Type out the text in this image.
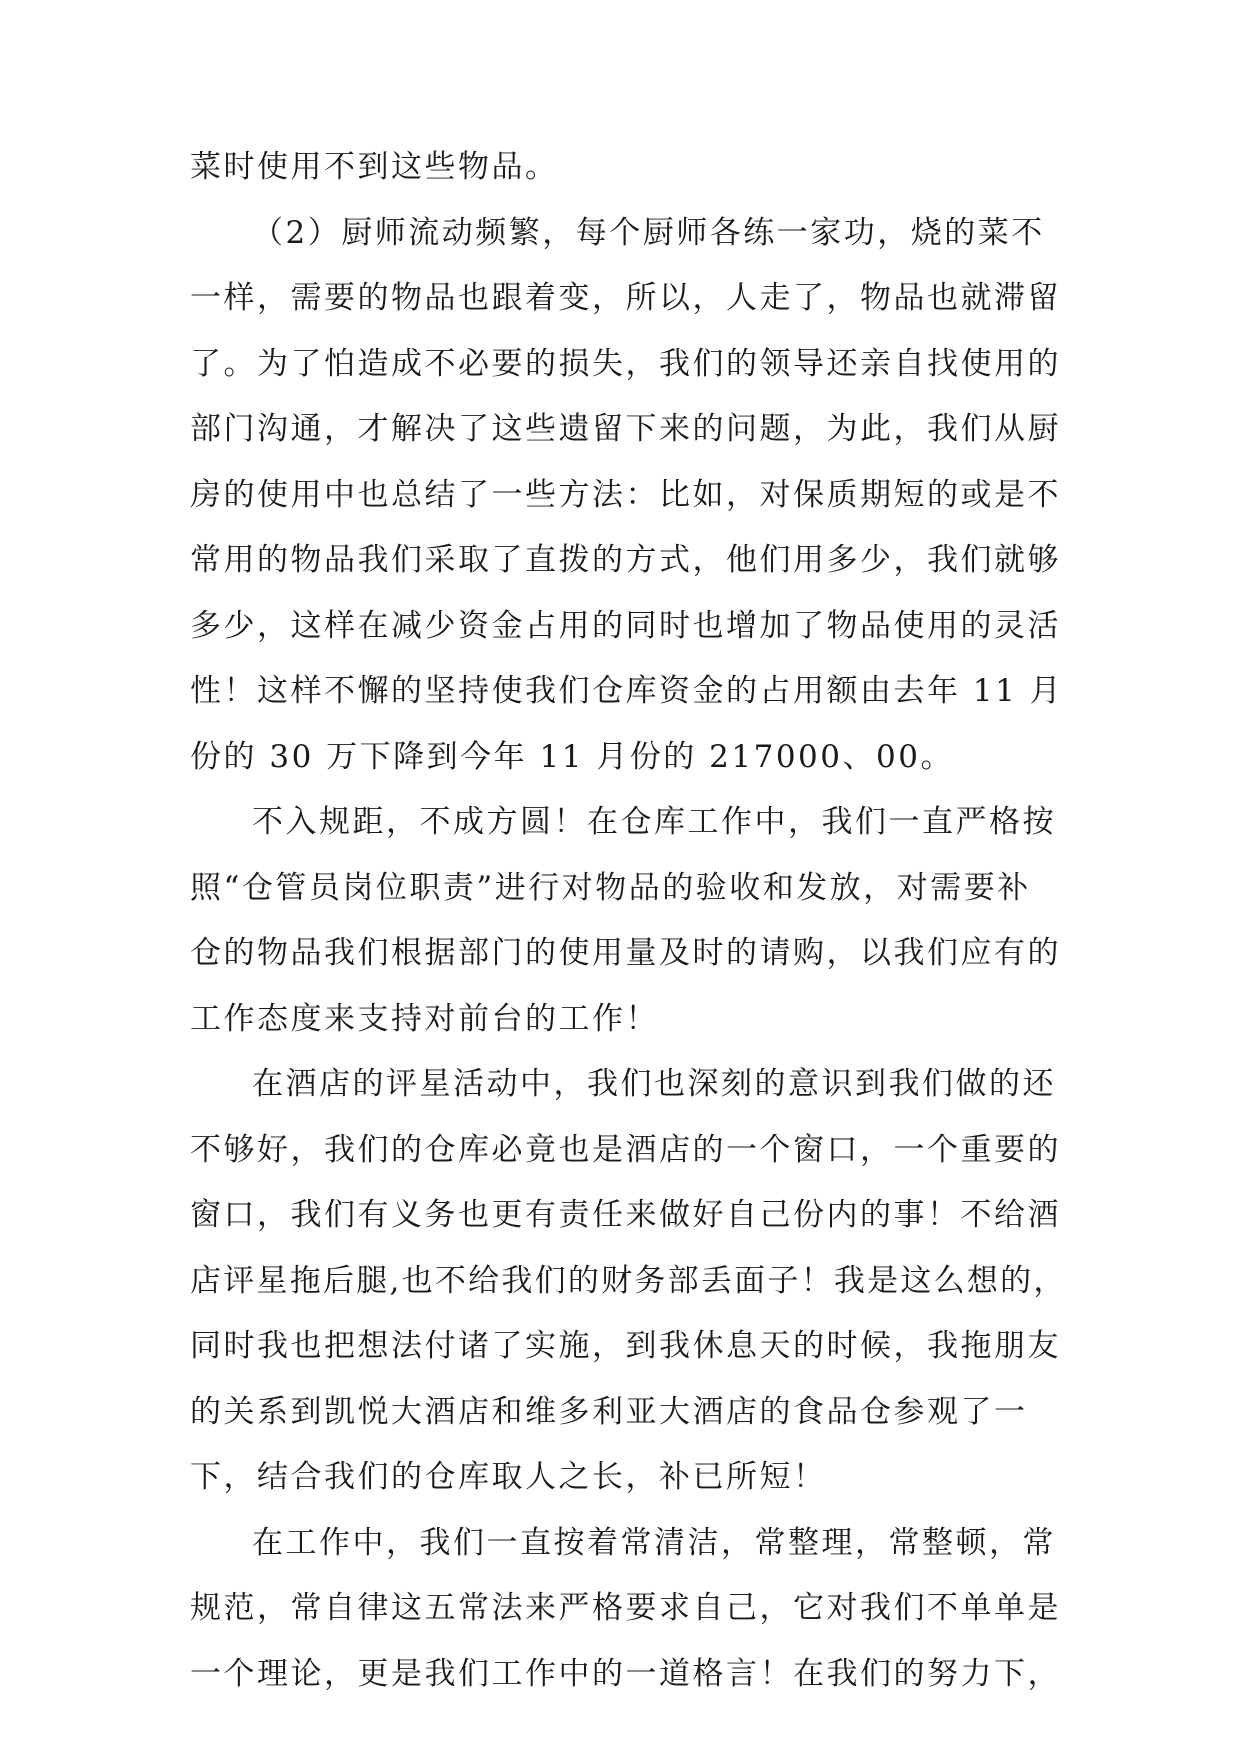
菜时使用不到这些物品。
（2）厨师流动频繁，每个厨师各练一家功，烧的菜不
一样，需要的物品也跟着变，所以，人走了，物品也就滞留
了。为了怕造成不必要的损失，我们的领导还亲自找使用的
部门沟通，才解决了这些遗留下来的问题，为此，我们从厨
房的使用中也总结了一些方法：比如，对保质期短的或是不
常用的物品我们采取了直拨的方式，他们用多少，我们就够
多少，这样在减少资金占用的同时也增加了物品使用的灵活
性！这样不懈的坚持使我们仓库资金的占用额由去年 11 月
份的 30 万下降到今年 11 月份的 217000、00。
不入规距，不成方圆！在仓库工作中，我们一直严格按
照“仓管员岗位职责”进行对物品的验收和发放，对需要补
仓的物品我们根据部门的使用量及时的请购，以我们应有的
工作态度来支持对前台的工作！
在酒店的评星活动中，我们也深刻的意识到我们做的还
不够好，我们的仓库必竟也是酒店的一个窗口，一个重要的
窗口，我们有义务也更有责任来做好自己份内的事！不给酒
店评星拖后腿,也不给我们的财务部丢面子！我是这么想的，
同时我也把想法付诸了实施，到我休息天的时候，我拖朋友
的关系到凯悦大酒店和维多利亚大酒店的食品仓参观了一
下，结合我们的仓库取人之长，补已所短！
在工作中，我们一直按着常清洁，常整理，常整顿，常
规范，常自律这五常法来严格要求自己，它对我们不单单是
一个理论，更是我们工作中的一道格言！在我们的努力下，
